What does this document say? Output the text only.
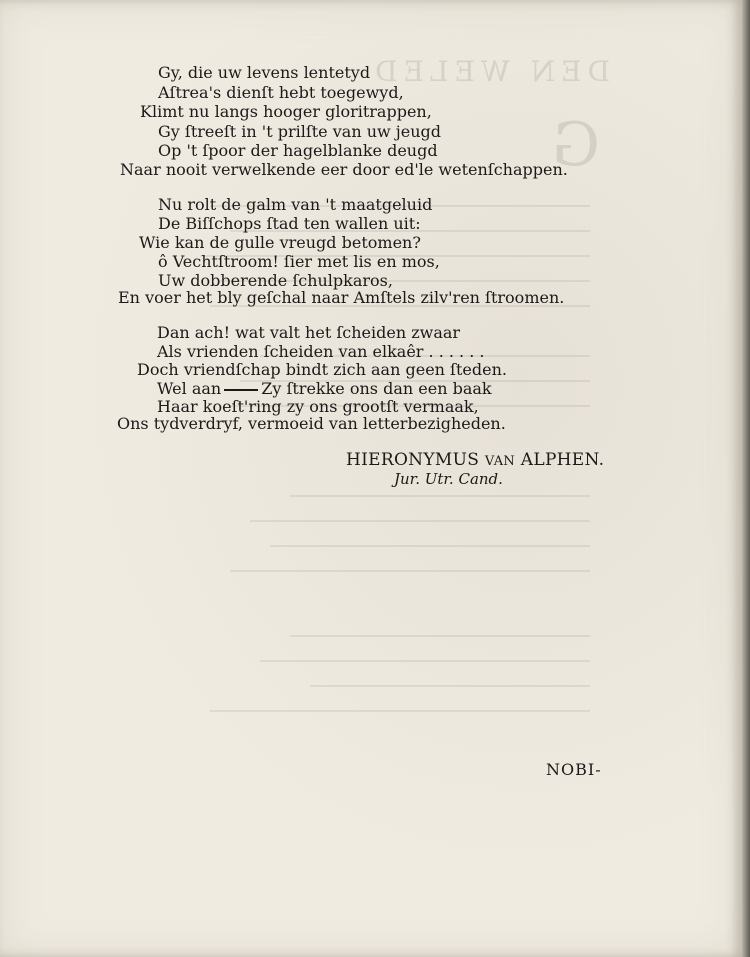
DEN WELED
G
Gy, die uw levens lentetyd
Aſtrea's dienſt hebt toegewyd,
Klimt nu langs hooger gloritrappen,
Gy ſtreeſt in 't prilſte van uw jeugd
Op 't ſpoor der hagelblanke deugd
Naar nooit verwelkende eer door ed'le wetenſchappen.
Nu rolt de galm van 't maatgeluid
De Biſſchops ſtad ten wallen uit:
Wie kan de gulle vreugd betomen?
ô Vechtſtroom! ſier met lis en mos,
Uw dobberende ſchulpkaros,
En voer het bly geſchal naar Amſtels zilv'ren ſtroomen.
Dan ach! wat valt het ſcheiden zwaar
Als vrienden ſcheiden van elkaêr . . . . . .
Doch vriendſchap bindt zich aan geen ſteden.
Wel aan	Zy ſtrekke ons dan een baak
Haar koeſt'ring zy ons grootſt vermaak,
Ons tydverdryf, vermoeid van letterbezigheden.
HIERONYMUS VAN ALPHEN.
Jur. Utr. Cand.
NOBI-
